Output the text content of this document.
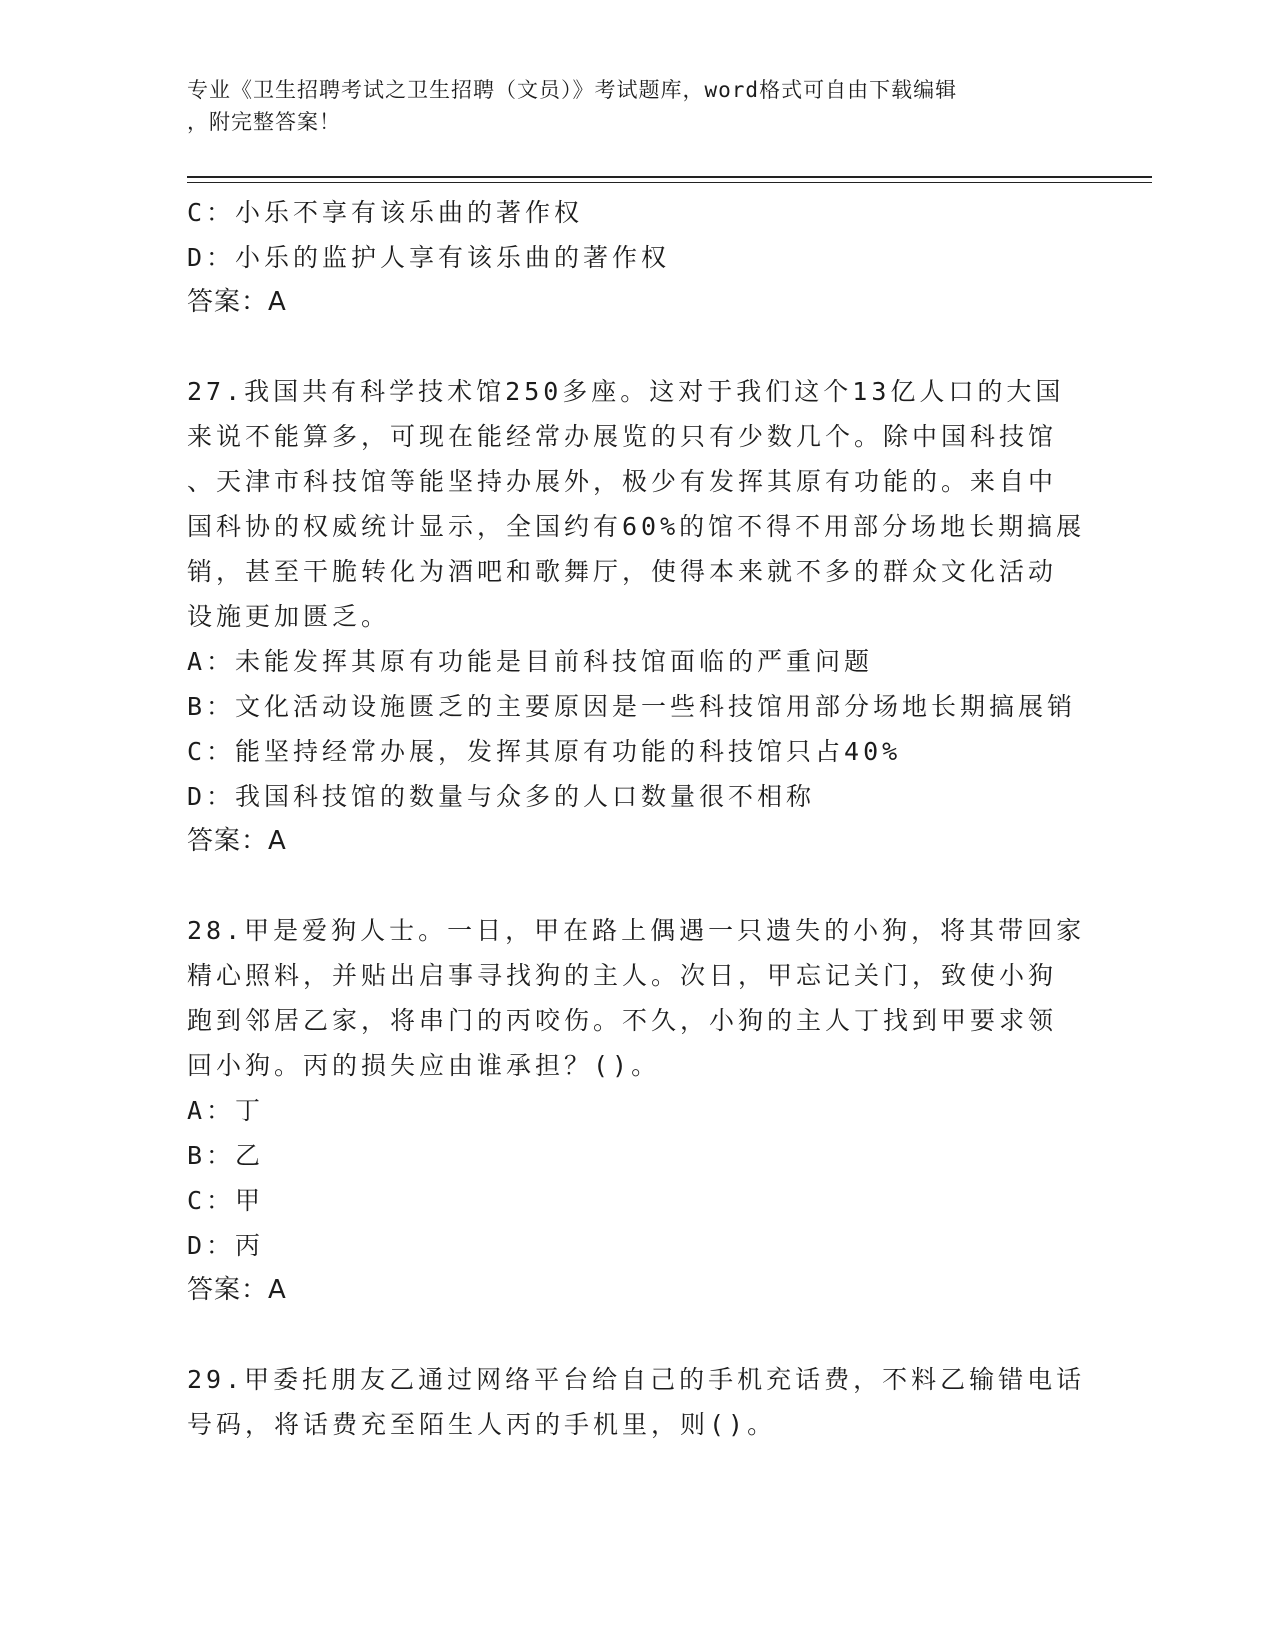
专业《卫生招聘考试之卫生招聘（文员）》考试题库，word格式可自由下载编辑
，附完整答案！
C：小乐不享有该乐曲的著作权
D：小乐的监护人享有该乐曲的著作权
答案：A
27.我国共有科学技术馆250多座。这对于我们这个13亿人口的大国
来说不能算多，可现在能经常办展览的只有少数几个。除中国科技馆
、天津市科技馆等能坚持办展外，极少有发挥其原有功能的。来自中
国科协的权威统计显示，全国约有60%的馆不得不用部分场地长期搞展
销，甚至干脆转化为酒吧和歌舞厅，使得本来就不多的群众文化活动
设施更加匮乏。
A：未能发挥其原有功能是目前科技馆面临的严重问题
B：文化活动设施匮乏的主要原因是一些科技馆用部分场地长期搞展销
C：能坚持经常办展，发挥其原有功能的科技馆只占40%
D：我国科技馆的数量与众多的人口数量很不相称
答案：A
28.甲是爱狗人士。一日，甲在路上偶遇一只遗失的小狗，将其带回家
精心照料，并贴出启事寻找狗的主人。次日，甲忘记关门，致使小狗
跑到邻居乙家，将串门的丙咬伤。不久，小狗的主人丁找到甲要求领
回小狗。丙的损失应由谁承担？()。
A：丁
B：乙
C：甲
D：丙
答案：A
29.甲委托朋友乙通过网络平台给自己的手机充话费，不料乙输错电话
号码，将话费充至陌生人丙的手机里，则()。
